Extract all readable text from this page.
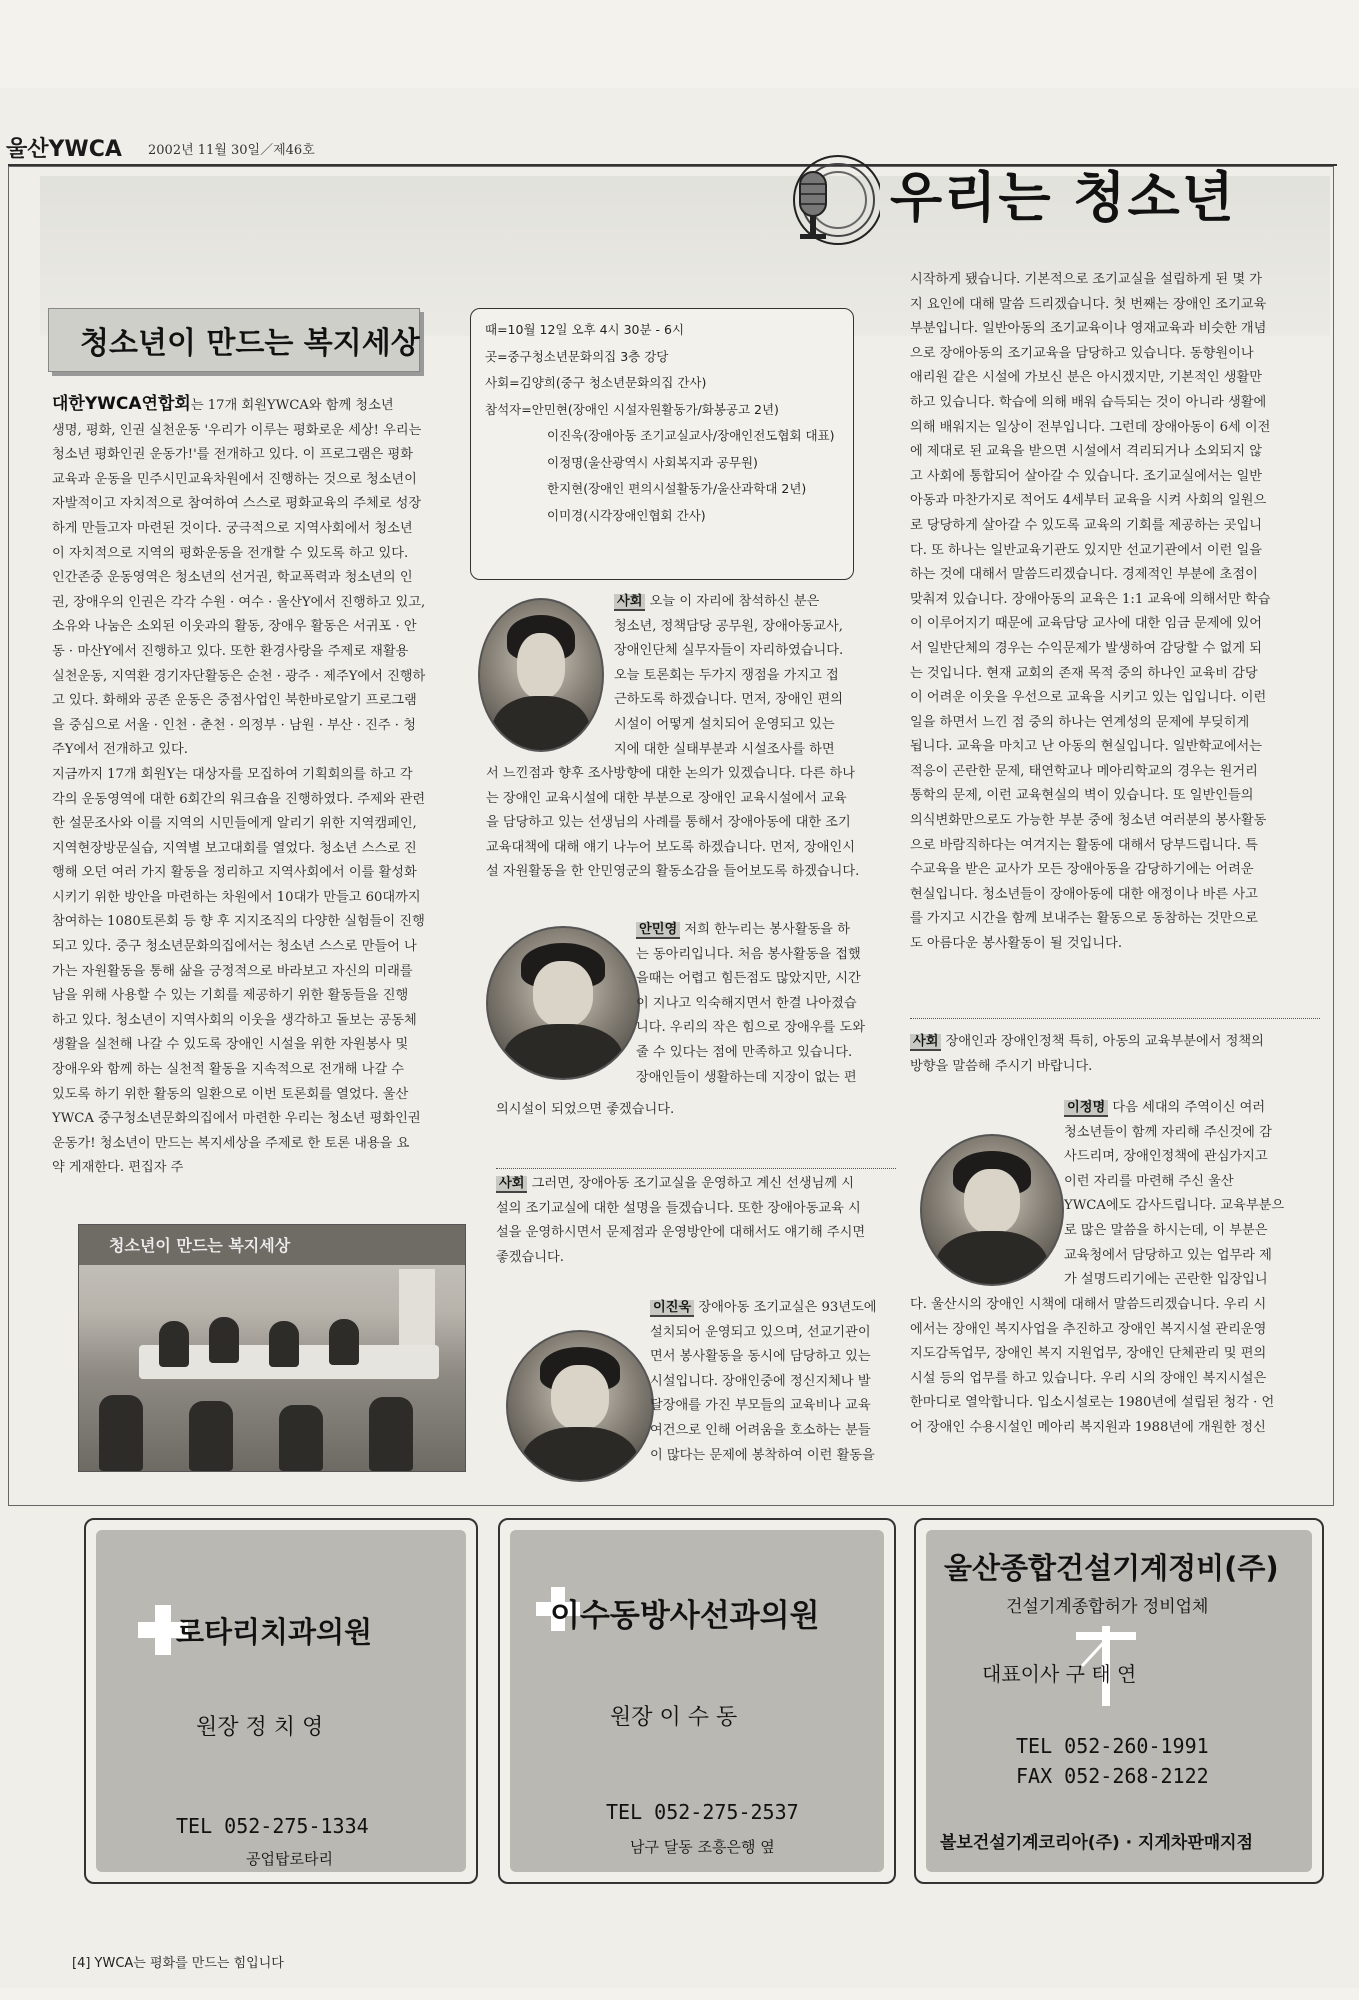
울산YWCA 2002년 11월 30일／제46호
우리는 청소년
청소년이 만드는 복지세상

대한YWCA연합회는 17개 회원YWCA와 함께 청소년
생명, 평화, 인권 실천운동 '우리가 이루는 평화로운 세상! 우리는
청소년 평화인권 운동가!'를 전개하고 있다. 이 프로그램은 평화
교육과 운동을 민주시민교육차원에서 진행하는 것으로 청소년이
자발적이고 자치적으로 참여하여 스스로 평화교육의 주체로 성장
하게 만들고자 마련된 것이다. 궁극적으로 지역사회에서 청소년
이 자치적으로 지역의 평화운동을 전개할 수 있도록 하고 있다.
인간존중 운동영역은 청소년의 선거권, 학교폭력과 청소년의 인
권, 장애우의 인권은 각각 수원 · 여수 · 울산Y에서 진행하고 있고,
소유와 나눔은 소외된 이웃과의 활동, 장애우 활동은 서귀포 · 안
동 · 마산Y에서 진행하고 있다. 또한 환경사랑을 주제로 재활용
실천운동, 지역환 경기자단활동은 순천 · 광주 · 제주Y에서 진행하
고 있다. 화해와 공존 운동은 중점사업인 북한바로알기 프로그램
을 중심으로 서울 · 인천 · 춘천 · 의정부 · 남원 · 부산 · 진주 · 청
주Y에서 전개하고 있다.
지금까지 17개 회원Y는 대상자를 모집하여 기획회의를 하고 각
각의 운동영역에 대한 6회간의 워크숍을 진행하였다. 주제와 관련
한 설문조사와 이를 지역의 시민들에게 알리기 위한 지역캠페인,
지역현장방문실습, 지역별 보고대회를 열었다. 청소년 스스로 진
행해 오던 여러 가지 활동을 정리하고 지역사회에서 이를 활성화
시키기 위한 방안을 마련하는 차원에서 10대가 만들고 60대까지
참여하는 1080토론회 등 향 후 지지조직의 다양한 실험들이 진행
되고 있다. 중구 청소년문화의집에서는 청소년 스스로 만들어 나
가는 자원활동을 통해 삶을 긍정적으로 바라보고 자신의 미래를
남을 위해 사용할 수 있는 기회를 제공하기 위한 활동들을 진행
하고 있다. 청소년이 지역사회의 이웃을 생각하고 돌보는 공동체
생활을 실천해 나갈 수 있도록 장애인 시설을 위한 자원봉사 및
장애우와 함께 하는 실천적 활동을 지속적으로 전개해 나갈 수
있도록 하기 위한 활동의 일환으로 이번 토론회를 열었다. 울산
YWCA 중구청소년문화의집에서 마련한 우리는 청소년 평화인권
운동가! 청소년이 만드는 복지세상을 주제로 한 토론 내용을 요
약 게재한다. 편집자 주

때=10월 12일 오후 4시 30분 - 6시
곳=중구청소년문화의집 3층 강당
사회=김양희(중구 청소년문화의집 간사)
참석자=안민현(장애인 시설자원활동가/화봉공고 2년)
이진욱(장애아동 조기교실교사/장애인전도협회 대표)
이정명(울산광역시 사회복지과 공무원)
한지현(장애인 편의시설활동가/울산과학대 2년)
이미경(시각장애인협회 간사)

사회 오늘 이 자리에 참석하신 분은
청소년, 정책담당 공무원, 장애아동교사,
장애인단체 실무자들이 자리하였습니다.
오늘 토론회는 두가지 쟁점을 가지고 접
근하도록 하겠습니다. 먼저, 장애인 편의
시설이 어떻게 설치되어 운영되고 있는
지에 대한 실태부분과 시설조사를 하면

서 느낀점과 향후 조사방향에 대한 논의가 있겠습니다. 다른 하나
는 장애인 교육시설에 대한 부분으로 장애인 교육시설에서 교육
을 담당하고 있는 선생님의 사례를 통해서 장애아동에 대한 조기
교육대책에 대해 얘기 나누어 보도록 하겠습니다. 먼저, 장애인시
설 자원활동을 한 안민영군의 활동소감을 들어보도록 하겠습니다.

안민영 저희 한누리는 봉사활동을 하
는 동아리입니다. 처음 봉사활동을 접했
을때는 어렵고 힘든점도 많았지만, 시간
이 지나고 익숙해지면서 한결 나아졌습
니다. 우리의 작은 힘으로 장애우를 도와
줄 수 있다는 점에 만족하고 있습니다.
장애인들이 생활하는데 지장이 없는 편

의시설이 되었으면 좋겠습니다.

사회 그러면, 장애아동 조기교실을 운영하고 계신 선생님께 시
설의 조기교실에 대한 설명을 들겠습니다. 또한 장애아동교육 시
설을 운영하시면서 문제점과 운영방안에 대해서도 얘기해 주시면
좋겠습니다.

이진욱 장애아동 조기교실은 93년도에
설치되어 운영되고 있으며, 선교기관이
면서 봉사활동을 동시에 담당하고 있는
시설입니다. 장애인중에 정신지체나 발
달장애를 가진 부모들의 교육비나 교육
여건으로 인해 어려움을 호소하는 분들
이 많다는 문제에 봉착하여 이런 활동을

시작하게 됐습니다. 기본적으로 조기교실을 설립하게 된 몇 가
지 요인에 대해 말씀 드리겠습니다. 첫 번째는 장애인 조기교육
부분입니다. 일반아동의 조기교육이나 영재교육과 비슷한 개념
으로 장애아동의 조기교육을 담당하고 있습니다. 동향원이나
애리원 같은 시설에 가보신 분은 아시겠지만, 기본적인 생활만
하고 있습니다. 학습에 의해 배워 습득되는 것이 아니라 생활에
의해 배워지는 일상이 전부입니다. 그런데 장애아동이 6세 이전
에 제대로 된 교육을 받으면 시설에서 격리되거나 소외되지 않
고 사회에 통합되어 살아갈 수 있습니다. 조기교실에서는 일반
아동과 마찬가지로 적어도 4세부터 교육을 시켜 사회의 일원으
로 당당하게 살아갈 수 있도록 교육의 기회를 제공하는 곳입니
다. 또 하나는 일반교육기관도 있지만 선교기관에서 이런 일을
하는 것에 대해서 말씀드리겠습니다. 경제적인 부분에 초점이
맞춰져 있습니다. 장애아동의 교육은 1:1 교육에 의해서만 학습
이 이루어지기 때문에 교육담당 교사에 대한 임금 문제에 있어
서 일반단체의 경우는 수익문제가 발생하여 감당할 수 없게 되
는 것입니다. 현재 교회의 존재 목적 중의 하나인 교육비 감당
이 어려운 이웃을 우선으로 교육을 시키고 있는 입입니다. 이런
일을 하면서 느낀 점 중의 하나는 연계성의 문제에 부딪히게
됩니다. 교육을 마치고 난 아동의 현실입니다. 일반학교에서는
적응이 곤란한 문제, 태연학교나 메아리학교의 경우는 원거리
통학의 문제, 이런 교육현실의 벽이 있습니다. 또 일반인들의
의식변화만으로도 가능한 부분 중에 청소년 여러분의 봉사활동
으로 바람직하다는 여겨지는 활동에 대해서 당부드립니다. 특
수교육을 받은 교사가 모든 장애아동을 감당하기에는 어려운
현실입니다. 청소년들이 장애아동에 대한 애정이나 바른 사고
를 가지고 시간을 함께 보내주는 활동으로 동참하는 것만으로
도 아름다운 봉사활동이 될 것입니다.

사회 장애인과 장애인정책 특히, 아동의 교육부분에서 정책의
방향을 말씀해 주시기 바랍니다.

이정명 다음 세대의 주역이신 여러
청소년들이 함께 자리해 주신것에 감
사드리며, 장애인정책에 관심가지고
이런 자리를 마련해 주신 울산
YWCA에도 감사드립니다. 교육부분으
로 많은 말씀을 하시는데, 이 부분은
교육청에서 담당하고 있는 업무라 제
가 설명드리기에는 곤란한 입장입니

다. 울산시의 장애인 시책에 대해서 말씀드리겠습니다. 우리 시
에서는 장애인 복지사업을 추진하고 장애인 복지시설 관리운영
지도감독업무, 장애인 복지 지원업무, 장애인 단체관리 및 편의
시설 등의 업무를 하고 있습니다. 우리 시의 장애인 복지시설은
한마디로 열악합니다. 입소시설로는 1980년에 설립된 청각 · 언
어 장애인 수용시설인 메아리 복지원과 1988년에 개원한 정신

청소년이 만드는 복지세상
로타리치과의원
원장 정 치 영
TEL 052-275-1334
공업탑로타리
이수동방사선과의원
원장 이 수 동
TEL 052-275-2537
남구 달동 조흥은행 옆
울산종합건설기계정비(주)
건설기계종합허가 정비업체
대표이사 구 태 연
TEL 052-260-1991
FAX 052-268-2122
볼보건설기계코리아(주) · 지게차판매지점
[4] YWCA는 평화를 만드는 힘입니다
